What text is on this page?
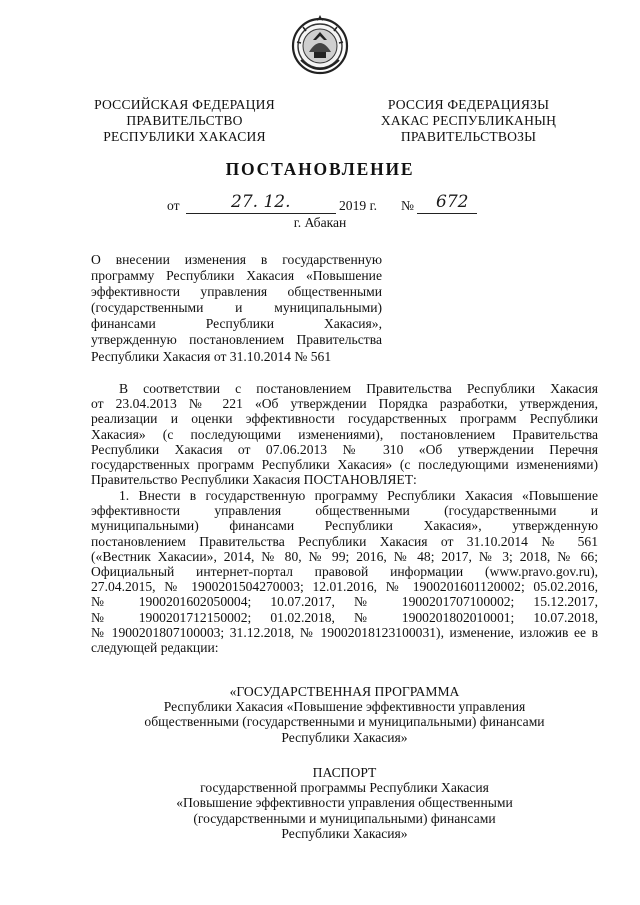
РОССИЙСКАЯ ФЕДЕРАЦИЯ
ПРАВИТЕЛЬСТВО
РЕСПУБЛИКИ ХАКАСИЯ
РОССИЯ ФЕДЕРАЦИЯЗЫ
ХАКАС РЕСПУБЛИКАНЫҢ
ПРАВИТЕЛЬСТВОЗЫ
ПОСТАНОВЛЕНИЕ
от	27. 12.	2019 г. № 672
г. Абакан
О внесении изменения в государственную
программу Республики Хакасия «Повышение
эффективности управления общественными
(государственными и муниципальными)
финансами Республики Хакасия»,
утвержденную постановлением Правительства
Республики Хакасия от 31.10.2014 № 561
В соответствии с постановлением Правительства Республики Хакасия
от 23.04.2013 № 221 «Об утверждении Порядка разработки, утверждения,
реализации и оценки эффективности государственных программ Республики
Хакасия» (с последующими изменениями), постановлением Правительства
Республики Хакасия от 07.06.2013 № 310 «Об утверждении Перечня
государственных программ Республики Хакасия» (с последующими изменениями)
Правительство Республики Хакасия ПОСТАНОВЛЯЕТ:
1. Внести в государственную программу Республики Хакасия «Повышение
эффективности управления общественными (государственными и
муниципальными) финансами Республики Хакасия», утвержденную
постановлением Правительства Республики Хакасия от 31.10.2014 № 561
(«Вестник Хакасии», 2014, № 80, № 99; 2016, № 48; 2017, № 3; 2018, № 66;
Официальный интернет-портал правовой информации (www.pravo.gov.ru),
27.04.2015, № 1900201504270003; 12.01.2016, № 1900201601120002; 05.02.2016,
№ 1900201602050004; 10.07.2017, № 1900201707100002; 15.12.2017,
№ 1900201712150002; 01.02.2018, № 1900201802010001; 10.07.2018,
№ 1900201807100003; 31.12.2018, № 19002018123100031), изменение, изложив ее в
следующей редакции:
«ГОСУДАРСТВЕННАЯ ПРОГРАММА
Республики Хакасия «Повышение эффективности управления
общественными (государственными и муниципальными) финансами
Республики Хакасия»
ПАСПОРТ
государственной программы Республики Хакасия
«Повышение эффективности управления общественными
(государственными и муниципальными) финансами
Республики Хакасия»
